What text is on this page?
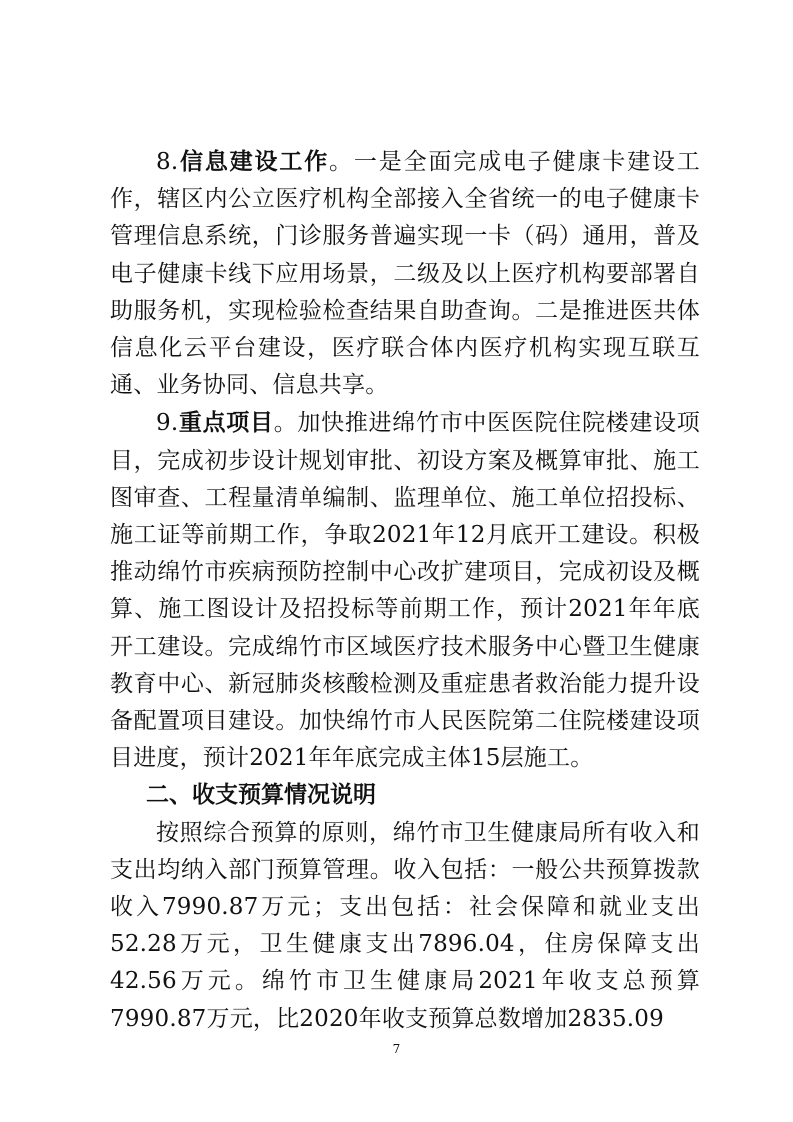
8.信息建设工作。一是全面完成电子健康卡建设工作，辖区内公立医疗机构全部接入全省统一的电子健康卡管理信息系统，门诊服务普遍实现一卡（码）通用，普及电子健康卡线下应用场景，二级及以上医疗机构要部署自助服务机，实现检验检查结果自助查询。二是推进医共体信息化云平台建设，医疗联合体内医疗机构实现互联互通、业务协同、信息共享。

9.重点项目。加快推进绵竹市中医医院住院楼建设项目，完成初步设计规划审批、初设方案及概算审批、施工图审查、工程量清单编制、监理单位、施工单位招投标、施工证等前期工作，争取2021年12月底开工建设。积极推动绵竹市疾病预防控制中心改扩建项目，完成初设及概算、施工图设计及招投标等前期工作，预计2021年年底开工建设。完成绵竹市区域医疗技术服务中心暨卫生健康教育中心、新冠肺炎核酸检测及重症患者救治能力提升设备配置项目建设。加快绵竹市人民医院第二住院楼建设项目进度，预计2021年年底完成主体15层施工。

二、收支预算情况说明

按照综合预算的原则，绵竹市卫生健康局所有收入和支出均纳入部门预算管理。收入包括：一般公共预算拨款收入7990.87万元；支出包括：社会保障和就业支出52.28万元，卫生健康支出7896.04，住房保障支出42.56万元。绵竹市卫生健康局2021年收支总预算7990.87万元，比2020年收支预算总数增加2835.09

7
